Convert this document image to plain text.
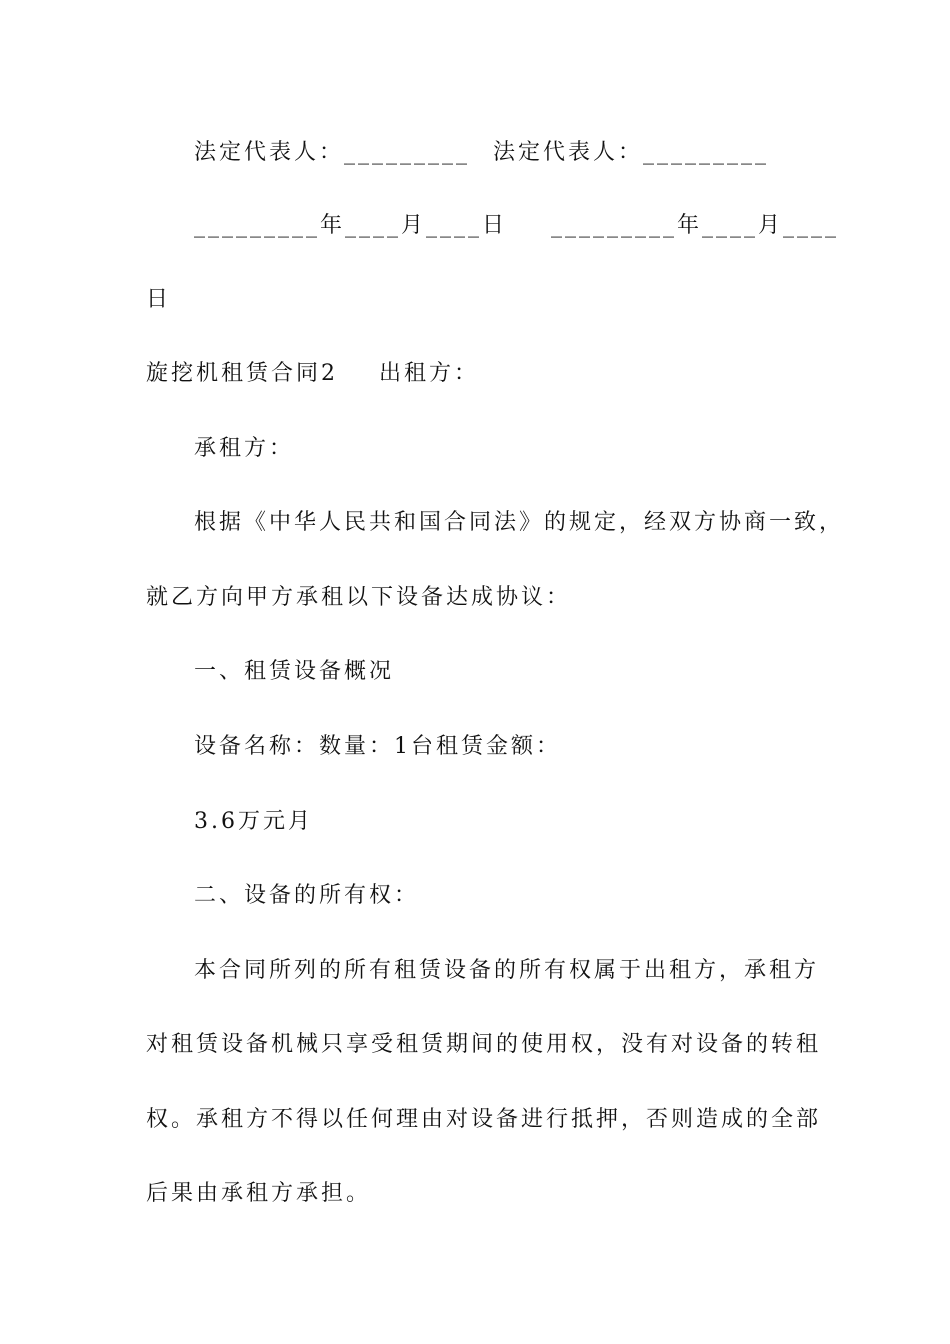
法定代表人：_________ 法定代表人：_________
_________年____月____日 _________年____月____
日
旋挖机租赁合同2 出租方：
承租方：
根据《中华人民共和国合同法》的规定，经双方协商一致，
就乙方向甲方承租以下设备达成协议：
一、租赁设备概况
设备名称：数量：1台租赁金额：
3.6万元月
二、设备的所有权：
本合同所列的所有租赁设备的所有权属于出租方，承租方
对租赁设备机械只享受租赁期间的使用权，没有对设备的转租
权。承租方不得以任何理由对设备进行抵押，否则造成的全部
后果由承租方承担。
